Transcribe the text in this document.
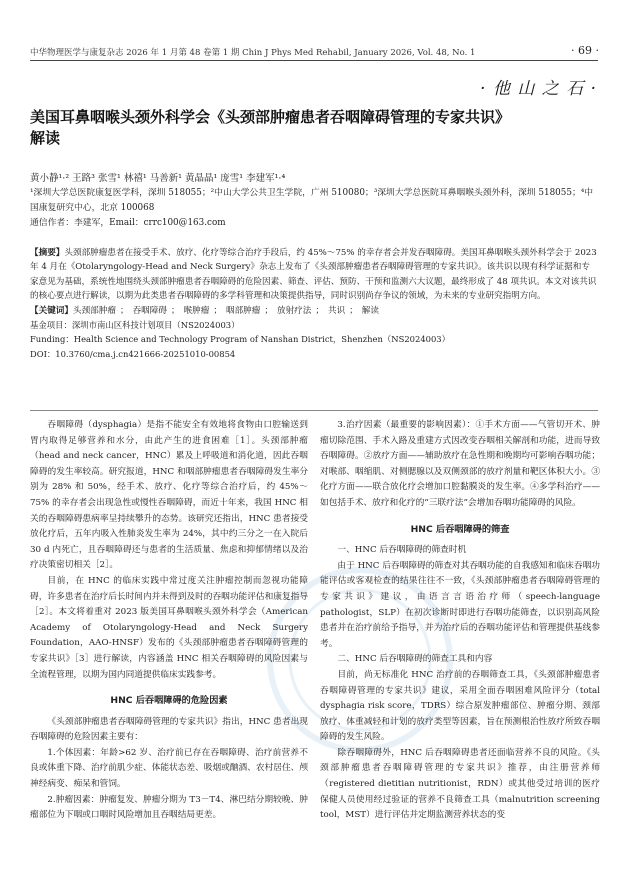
中华物理医学与康复杂志 2026 年 1 月第 48 卷第 1 期 Chin J Phys Med Rehabil, January 2026, Vol. 48, No. 1	· 69 ·
· 他 山 之 石 ·
美国耳鼻咽喉头颈外科学会《头颈部肿瘤患者吞咽障碍管理的专家共识》解读
黄小静¹·² 王路³ 张雪¹ 林禧¹ 马善新¹ 黄晶晶¹ 庞雪¹ 李建军¹·⁴
¹深圳大学总医院康复医学科，深圳 518055；²中山大学公共卫生学院，广州 510080；³深圳大学总医院耳鼻咽喉头颈外科，深圳 518055；⁴中国康复研究中心，北京 100068
通信作者：李建军，Email：crrc100@163.com
【摘要】头颈部肿瘤患者在接受手术、放疗、化疗等综合治疗手段后，约 45%～75% 的幸存者会并发吞咽障碍。美国耳鼻咽喉头颈外科学会于 2023 年 4 月在《Otolaryngology-Head and Neck Surgery》杂志上发布了《头颈部肿瘤患者吞咽障碍管理的专家共识》。该共识以现有科学证据和专家意见为基础，系统性地围绕头颈部肿瘤患者吞咽障碍的危险因素、筛查、评估、预防、干预和监测六大议题，最终形成了 48 项共识。本文对该共识的核心要点进行解读，以期为此类患者吞咽障碍的多学科管理和决策提供指导，同时识别尚存争议的领域，为未来的专业研究指明方向。
【关键词】头颈部肿瘤 ； 吞咽障碍 ； 喉肿瘤 ； 咽部肿瘤 ； 放射疗法 ； 共识 ； 解读
基金项目：深圳市南山区科技计划项目（NS2024003）
Funding：Health Science and Technology Program of Nanshan District，Shenzhen（NS2024003）
DOI：10.3760/cma.j.cn421666-20251010-00854

吞咽障碍（dysphagia）是指不能安全有效地将食物由口腔输送到胃内取得足够营养和水分，由此产生的进食困难［1］。头颈部肿瘤（head and neck cancer，HNC）累及上呼吸道和消化道，因此吞咽障碍的发生率较高。研究报道，HNC 和咽部肿瘤患者吞咽障碍发生率分别为 28% 和 50%，经手术、放疗、化疗等综合治疗后，约 45%～75% 的幸存者会出现急性或慢性吞咽障碍，而近十年来，我国 HNC 相关的吞咽障碍患病率呈持续攀升的态势。该研究还指出，HNC 患者接受放化疗后，五年内吸入性肺炎发生率为 24%，其中约三分之一在入院后 30 d 内死亡，且吞咽障碍还与患者的生活质量、焦虑和抑郁情绪以及治疗决策密切相关［2］。

目前，在 HNC 的临床实践中常过度关注肿瘤控制而忽视功能障碍，许多患者在治疗后长时间内并未得到及时的吞咽功能评估和康复指导［2］。本文将着重对 2023 版美国耳鼻咽喉头颈外科学会（American Academy of Otolaryngology-Head and Neck Surgery Foundation，AAO-HNSF）发布的《头颈部肿瘤患者吞咽障碍管理的专家共识》［3］进行解读，内容涵盖 HNC 相关吞咽障碍的风险因素与全流程管理，以期为国内同道提供临床实践参考。

HNC 后吞咽障碍的危险因素

《头颈部肿瘤患者吞咽障碍管理的专家共识》指出，HNC 患者出现吞咽障碍的危险因素主要有：

1.个体因素：年龄>62 岁、治疗前已存在吞咽障碍、治疗前营养不良或体重下降、治疗前肌少症、体能状态差、吸烟或酗酒、农村居住、颅神经病变、痴呆和管饲。

2.肿瘤因素：肿瘤复发、肿瘤分期为 T3－T4、淋巴结分期较晚、肿瘤部位为下咽或口咽时风险增加且吞咽结局更差。

3.治疗因素（最重要的影响因素）：①手术方面——气管切开术、肿瘤切除范围、手术入路及重建方式因改变吞咽相关解剖和功能，进而导致吞咽障碍。②放疗方面——辅助放疗在急性期和晚期均可影响吞咽功能；对喉部、咽缩肌、对侧腮腺以及双侧颈部的放疗剂量和靶区体积大小。③化疗方面——联合放化疗会增加口腔黏膜炎的发生率。④多学科治疗——如包括手术、放疗和化疗的“三联疗法”会增加吞咽功能障碍的风险。

HNC 后吞咽障碍的筛查

一、HNC 后吞咽障碍的筛查时机

由于 HNC 后吞咽障碍的筛查对其吞咽功能的自我感知和临床吞咽功能评估或客观检查的结果往往不一致，《头颈部肿瘤患者吞咽障碍管理的专家共识》建议，由语言言语治疗师（speech-language pathologist，SLP）在初次诊断时即进行吞咽功能筛查，以识别高风险患者并在治疗前给予指导，并为治疗后的吞咽功能评估和管理提供基线参考。

二、HNC 后吞咽障碍的筛查工具和内容

目前，尚无标准化 HNC 治疗前的吞咽筛查工具，《头颈部肿瘤患者吞咽障碍管理的专家共识》建议，采用全面吞咽困难风险评分（total dysphagia risk score，TDRS）综合原发肿瘤部位、肿瘤分期、颈部放疗、体重减轻和计划的放疗类型等因素，旨在预测根治性放疗所致吞咽障碍的发生风险。

除吞咽障碍外，HNC 后吞咽障碍患者还面临营养不良的风险。《头颈部肿瘤患者吞咽障碍管理的专家共识》推荐，由注册营养师（registered dietitian nutritionist，RDN）或其他受过培训的医疗保健人员使用经过验证的营养不良筛查工具（malnutrition screening tool，MST）进行评估并定期监测营养状态的变
